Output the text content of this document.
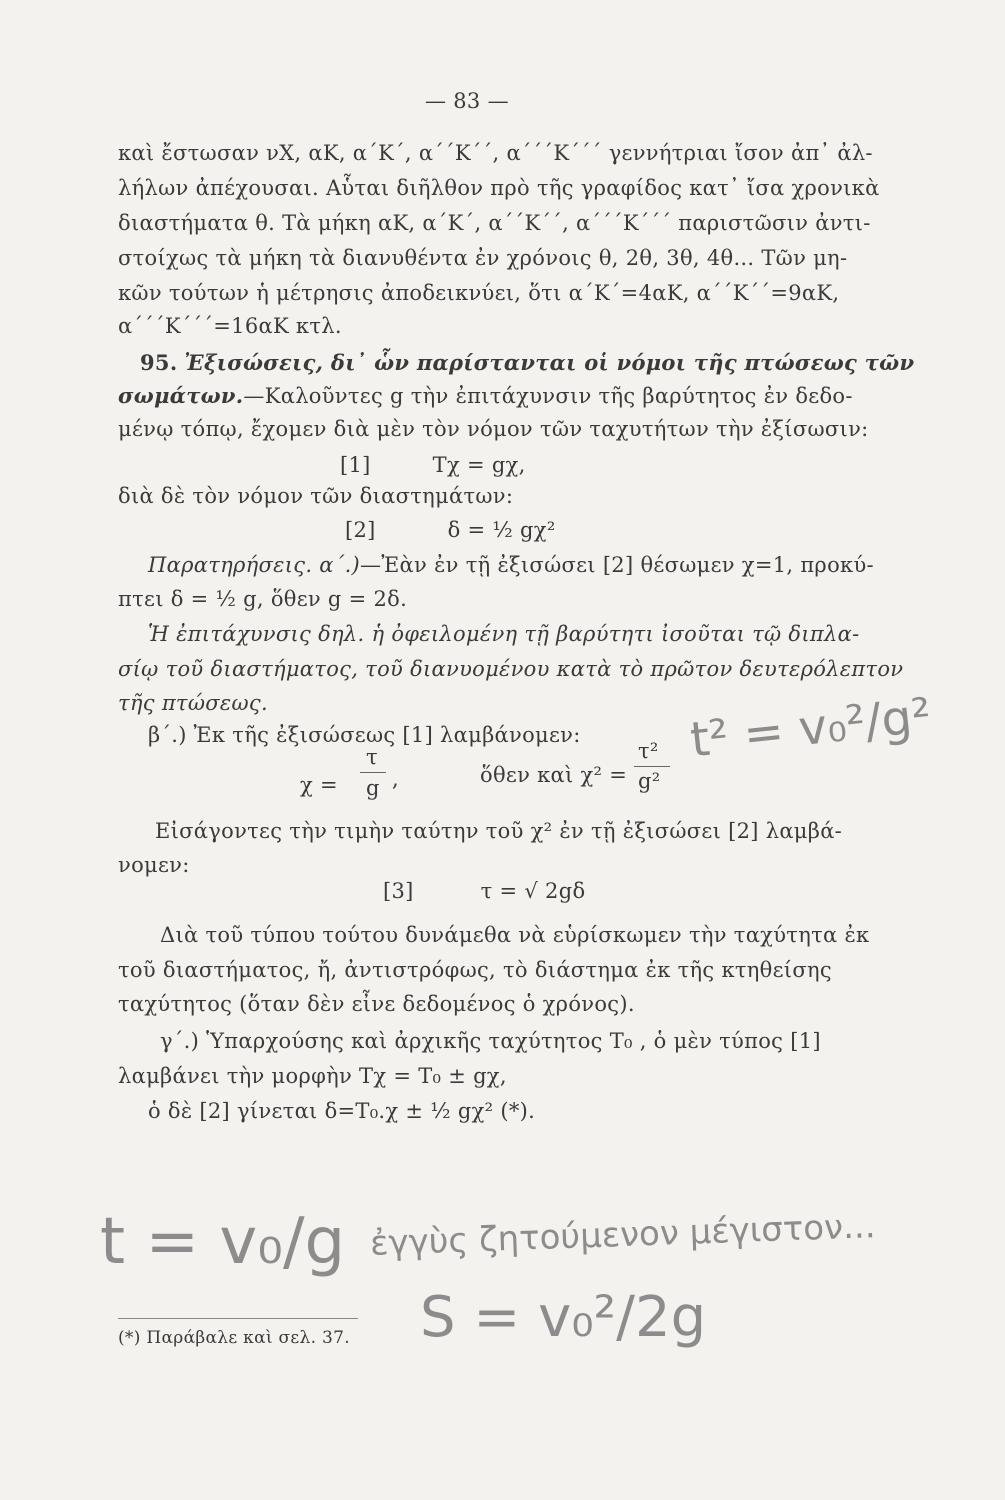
— 83 —
καὶ ἔστωσαν νX, αK, α΄K΄, α΄΄K΄΄, α΄΄΄K΄΄΄ γεννήτριαι ἴσον ἀπ᾿ ἀλ-
λήλων ἀπέχουσαι. Αὗται διῆλθον πρὸ τῆς γραφίδος κατ᾿ ἴσα χρονικὰ
διαστήματα θ. Τὰ μήκη αK, α΄K΄, α΄΄K΄΄, α΄΄΄K΄΄΄ παριστῶσιν ἀντι-
στοίχως τὰ μήκη τὰ διανυθέντα ἐν χρόνοις θ, 2θ, 3θ, 4θ... Τῶν μη-
κῶν τούτων ἡ μέτρησις ἀποδεικνύει, ὅτι α΄K΄=4αK, α΄΄K΄΄=9αK,
α΄΄΄K΄΄΄=16αK κτλ.
95. Ἐξισώσεις, δι᾿ ὧν παρίστανται οἱ νόμοι τῆς πτώσεως τῶν
σωμάτων.—Καλοῦντες g τὴν ἐπιτάχυνσιν τῆς βαρύτητος ἐν δεδο-
μένῳ τόπῳ, ἔχομεν διὰ μὲν τὸν νόμον τῶν ταχυτήτων τὴν ἐξίσωσιν:
[1]	Tχ = gχ,
διὰ δὲ τὸν νόμον τῶν διαστημάτων:
[2]	δ = ½ gχ²
Παρατηρήσεις. α΄.)—Ἐὰν ἐν τῇ ἐξισώσει [2] θέσωμεν χ=1, προκύ-
πτει δ = ½ g, ὅθεν g = 2δ.
Ἡ ἐπιτάχυνσις δηλ. ἡ ὀφειλομένη τῇ βαρύτητι ἰσοῦται τῷ διπλα-
σίῳ τοῦ διαστήματος, τοῦ διανυομένου κατὰ τὸ πρῶτον δευτερόλεπτον
τῆς πτώσεως.
β΄.) Ἐκ τῆς ἐξισώσεως [1] λαμβάνομεν:
χ =
τ
g ,	ὅθεν καὶ χ² =
τ²
g²
Εἰσάγοντες τὴν τιμὴν ταύτην τοῦ χ² ἐν τῇ ἐξισώσει [2] λαμβά-
νομεν:
[3]	τ = √ 2gδ
Διὰ τοῦ τύπου τούτου δυνάμεθα νὰ εὑρίσκωμεν τὴν ταχύτητα ἐκ
τοῦ διαστήματος, ἤ, ἀντιστρόφως, τὸ διάστημα ἐκ τῆς κτηθείσης
ταχύτητος (ὅταν δὲν εἶνε δεδομένος ὁ χρόνος).
γ΄.) Ὑπαρχούσης καὶ ἀρχικῆς ταχύτητος T₀ , ὁ μὲν τύπος [1]
λαμβάνει τὴν μορφὴν Tχ = T₀ ± gχ,
ὁ δὲ [2] γίνεται δ=T₀.χ ± ½ gχ² (*).
t² = v₀²/g²
t = v₀/g ἐγγὺς ζητούμενον μέγιστον...
S = v₀²/2g
(*) Παράβαλε καὶ σελ. 37.
